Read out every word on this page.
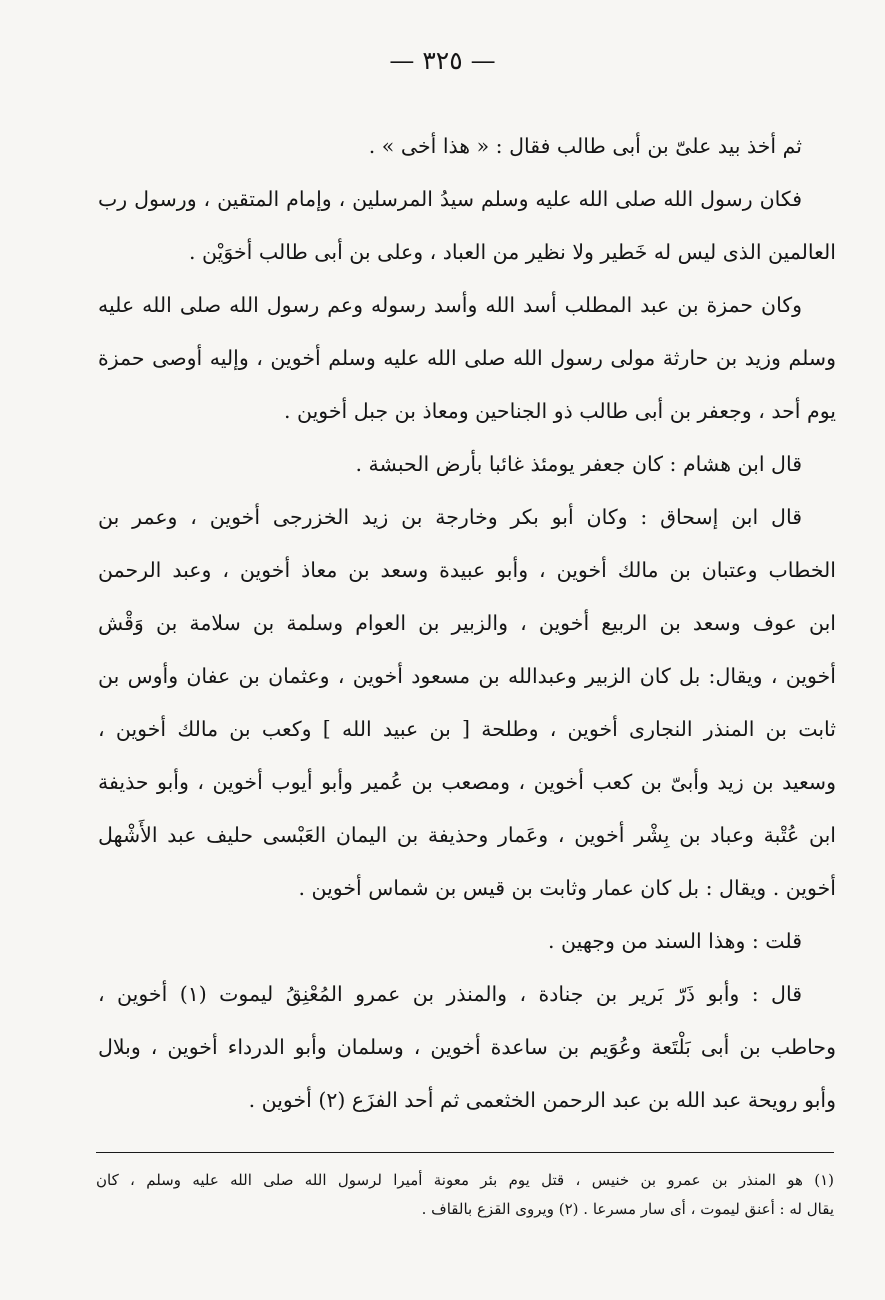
— ٣٢٥ —
ثم أخذ بيد علىّ بن أبى طالب فقال : « هذا أخى » .
فكان رسول الله صلى الله عليه وسلم سيدُ المرسلين ، وإمام المتقين ، ورسول رب
العالمين الذى ليس له خَطير ولا نظير من العباد ، وعلى بن أبى طالب أخوَيْن .
وكان حمزة بن عبد المطلب أسد الله وأسد رسوله وعم رسول الله صلى الله عليه
وسلم وزيد بن حارثة مولى رسول الله صلى الله عليه وسلم أخوين ، وإليه أوصى حمزة
يوم أحد ، وجعفر بن أبى طالب ذو الجناحين ومعاذ بن جبل أخوين .
قال ابن هشام : كان جعفر يومئذ غائبا بأرض الحبشة .
قال ابن إسحاق : وكان أبو بكر وخارجة بن زيد الخزرجى أخوين ، وعمر بن
الخطاب وعتبان بن مالك أخوين ، وأبو عبيدة وسعد بن معاذ أخوين ، وعبد الرحمن
ابن عوف وسعد بن الربيع أخوين ، والزبير بن العوام وسلمة بن سلامة بن وَقْش
أخوين ، ويقال: بل كان الزبير وعبدالله بن مسعود أخوين ، وعثمان بن عفان وأوس بن
ثابت بن المنذر النجارى أخوين ، وطلحة [ بن عبيد الله ] وكعب بن مالك أخوين ،
وسعيد بن زيد وأبىّ بن كعب أخوين ، ومصعب بن عُمير وأبو أيوب أخوين ، وأبو حذيفة
ابن عُتْبة وعباد بن بِشْر أخوين ، وعَمار وحذيفة بن اليمان العَبْسى حليف عبد الأَشْهل
أخوين . ويقال : بل كان عمار وثابت بن قيس بن شماس أخوين .
قلت : وهذا السند من وجهين .
قال : وأبو ذَرّ بَرير بن جنادة ، والمنذر بن عمرو المُعْنِقُ ليموت (١) أخوين ،
وحاطب بن أبى بَلْتَعة وعُوَيم بن ساعدة أخوين ، وسلمان وأبو الدرداء أخوين ، وبلال
وأبو رويحة عبد الله بن عبد الرحمن الخثعمى ثم أحد الفزَع (٢) أخوين .
(١) هو المنذر بن عمرو بن خنيس ، قتل يوم بئر معونة أميرا لرسول الله صلى الله عليه وسلم ، كان
يقال له : أعنق ليموت ، أى سار مسرعا . (٢) ويروى القزع بالقاف .
